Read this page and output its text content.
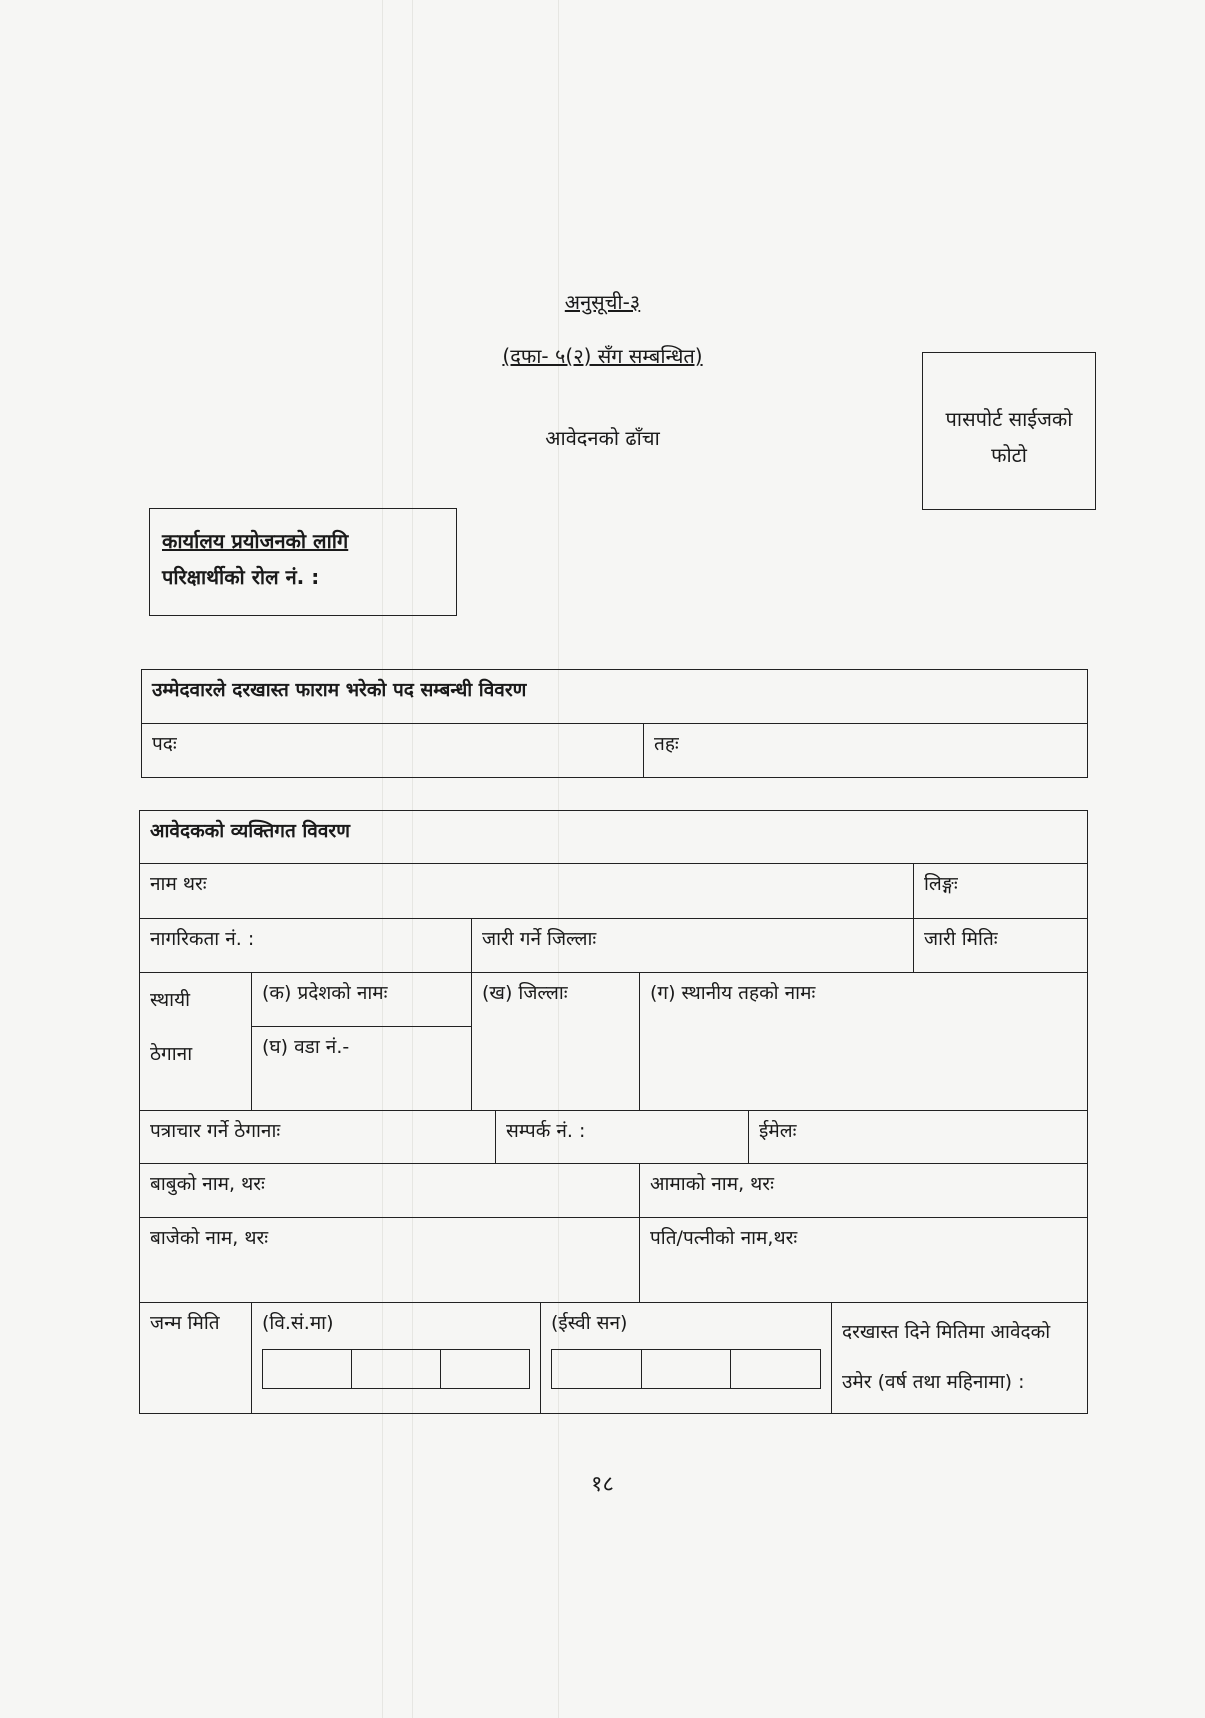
अनुसूची-३
(दफा- ५(२) सँग सम्बन्धित)
आवेदनको ढाँचा
पासपोर्ट साईजको
फोटो
कार्यालय प्रयोजनको लागि
परिक्षार्थीको रोल नं. :
उम्मेदवारले दरखास्त फाराम भरेको पद सम्बन्धी विवरण
पदः	तहः
आवेदकको व्यक्तिगत विवरण								
नाम थरः								लिङ्गः
नागरिकता नं. :		जारी गर्ने जिल्लाः						जारी मितिः

स्थायी
ठेगाना	(क) प्रदेशको नामः	(ख) जिल्लाः			(ग) स्थानीय तहको नामः			
	(घ) वडा नं.-							
पत्राचार गर्ने ठेगानाः			सम्पर्क नं. :			ईमेलः		
बाबुको नाम, थरः					आमाको नाम, थरः			
बाजेको नाम, थरः					पति/पत्नीको नाम,थरः			
जन्म मिति	(वि.सं.मा)			(ईस्वी सन)			दरखास्त दिने मितिमा आवेदको
उमेर (वर्ष तथा महिनामा) :	
१८
